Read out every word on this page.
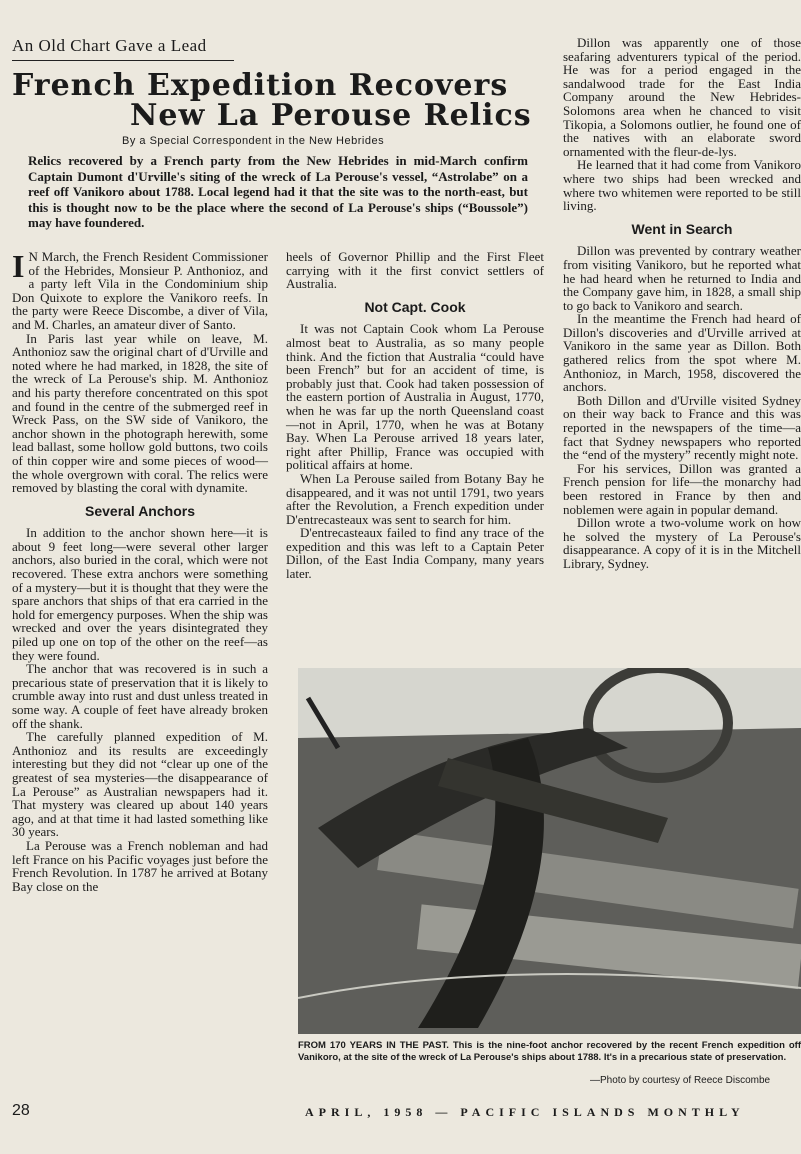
An Old Chart Gave a Lead
French Expedition Recovers
New La Perouse Relics
By a Special Correspondent in the New Hebrides
Relics recovered by a French party from the New Hebrides in mid-March confirm Captain Dumont d'Urville's siting of the wreck of La Perouse's vessel, “Astrolabe” on a reef off Vanikoro about 1788. Local legend had it that the site was to the north-east, but this is thought now to be the place where the second of La Perouse's ships (“Boussole”) may have foundered.

I N March, the French Resident Commissioner of the Hebrides, Monsieur P. Anthonioz, and a party left Vila in the Condominium ship Don Quixote to explore the Vanikoro reefs. In the party were Reece Discombe, a diver of Vila, and M. Charles, an amateur diver of Santo.

In Paris last year while on leave, M. Anthonioz saw the original chart of d'Urville and noted where he had marked, in 1828, the site of the wreck of La Perouse's ship. M. Anthonioz and his party therefore concentrated on this spot and found in the centre of the submerged reef in Wreck Pass, on the SW side of Vanikoro, the anchor shown in the photograph herewith, some lead ballast, some hollow gold buttons, two coils of thin copper wire and some pieces of wood—the whole overgrown with coral. The relics were removed by blasting the coral with dynamite.

Several Anchors

In addition to the anchor shown here—it is about 9 feet long—were several other larger anchors, also buried in the coral, which were not recovered. These extra anchors were something of a mystery—but it is thought that they were the spare anchors that ships of that era carried in the hold for emergency purposes. When the ship was wrecked and over the years disintegrated they piled up one on top of the other on the reef—as they were found.

The anchor that was recovered is in such a precarious state of preservation that it is likely to crumble away into rust and dust unless treated in some way. A couple of feet have already broken off the shank.

The carefully planned expedition of M. Anthonioz and its results are exceedingly interesting but they did not “clear up one of the greatest of sea mysteries—the disappearance of La Perouse” as Australian newspapers had it. That mystery was cleared up about 140 years ago, and at that time it had lasted something like 30 years.

La Perouse was a French nobleman and had left France on his Pacific voyages just before the French Revolution. In 1787 he arrived at Botany Bay close on the

heels of Governor Phillip and the First Fleet carrying with it the first convict settlers of Australia.

Not Capt. Cook

It was not Captain Cook whom La Perouse almost beat to Australia, as so many people think. And the fiction that Australia “could have been French” but for an accident of time, is probably just that. Cook had taken possession of the eastern portion of Australia in August, 1770, when he was far up the north Queensland coast—not in April, 1770, when he was at Botany Bay. When La Perouse arrived 18 years later, right after Phillip, France was occupied with political affairs at home.

When La Perouse sailed from Botany Bay he disappeared, and it was not until 1791, two years after the Revolution, a French expedition under D'entrecasteaux was sent to search for him.

D'entrecasteaux failed to find any trace of the expedition and this was left to a Captain Peter Dillon, of the East India Company, many years later.

Dillon was apparently one of those seafaring adventurers typical of the period. He was for a period engaged in the sandalwood trade for the East India Company around the New Hebrides-Solomons area when he chanced to visit Tikopia, a Solomons outlier, he found one of the natives with an elaborate sword ornamented with the fleur-de-lys.

He learned that it had come from Vanikoro where two ships had been wrecked and where two whitemen were reported to be still living.

Went in Search

Dillon was prevented by contrary weather from visiting Vanikoro, but he reported what he had heard when he returned to India and the Company gave him, in 1828, a small ship to go back to Vanikoro and search.

In the meantime the French had heard of Dillon's discoveries and d'Urville arrived at Vanikoro in the same year as Dillon. Both gathered relics from the spot where M. Anthonioz, in March, 1958, discovered the anchors.

Both Dillon and d'Urville visited Sydney on their way back to France and this was reported in the newspapers of the time—a fact that Sydney newspapers who reported the “end of the mystery” recently might note.

For his services, Dillon was granted a French pension for life—the monarchy had been restored in France by then and noblemen were again in popular demand.

Dillon wrote a two-volume work on how he solved the mystery of La Perouse's disappearance. A copy of it is in the Mitchell Library, Sydney.

FROM 170 YEARS IN THE PAST. This is the nine-foot anchor recovered by the recent French expedition off Vanikoro, at the site of the wreck of La Perouse's ships about 1788. It's in a precarious state of preservation.
—Photo by courtesy of Reece Discombe
28	APRIL, 1958 — PACIFIC ISLANDS MONTHLY
